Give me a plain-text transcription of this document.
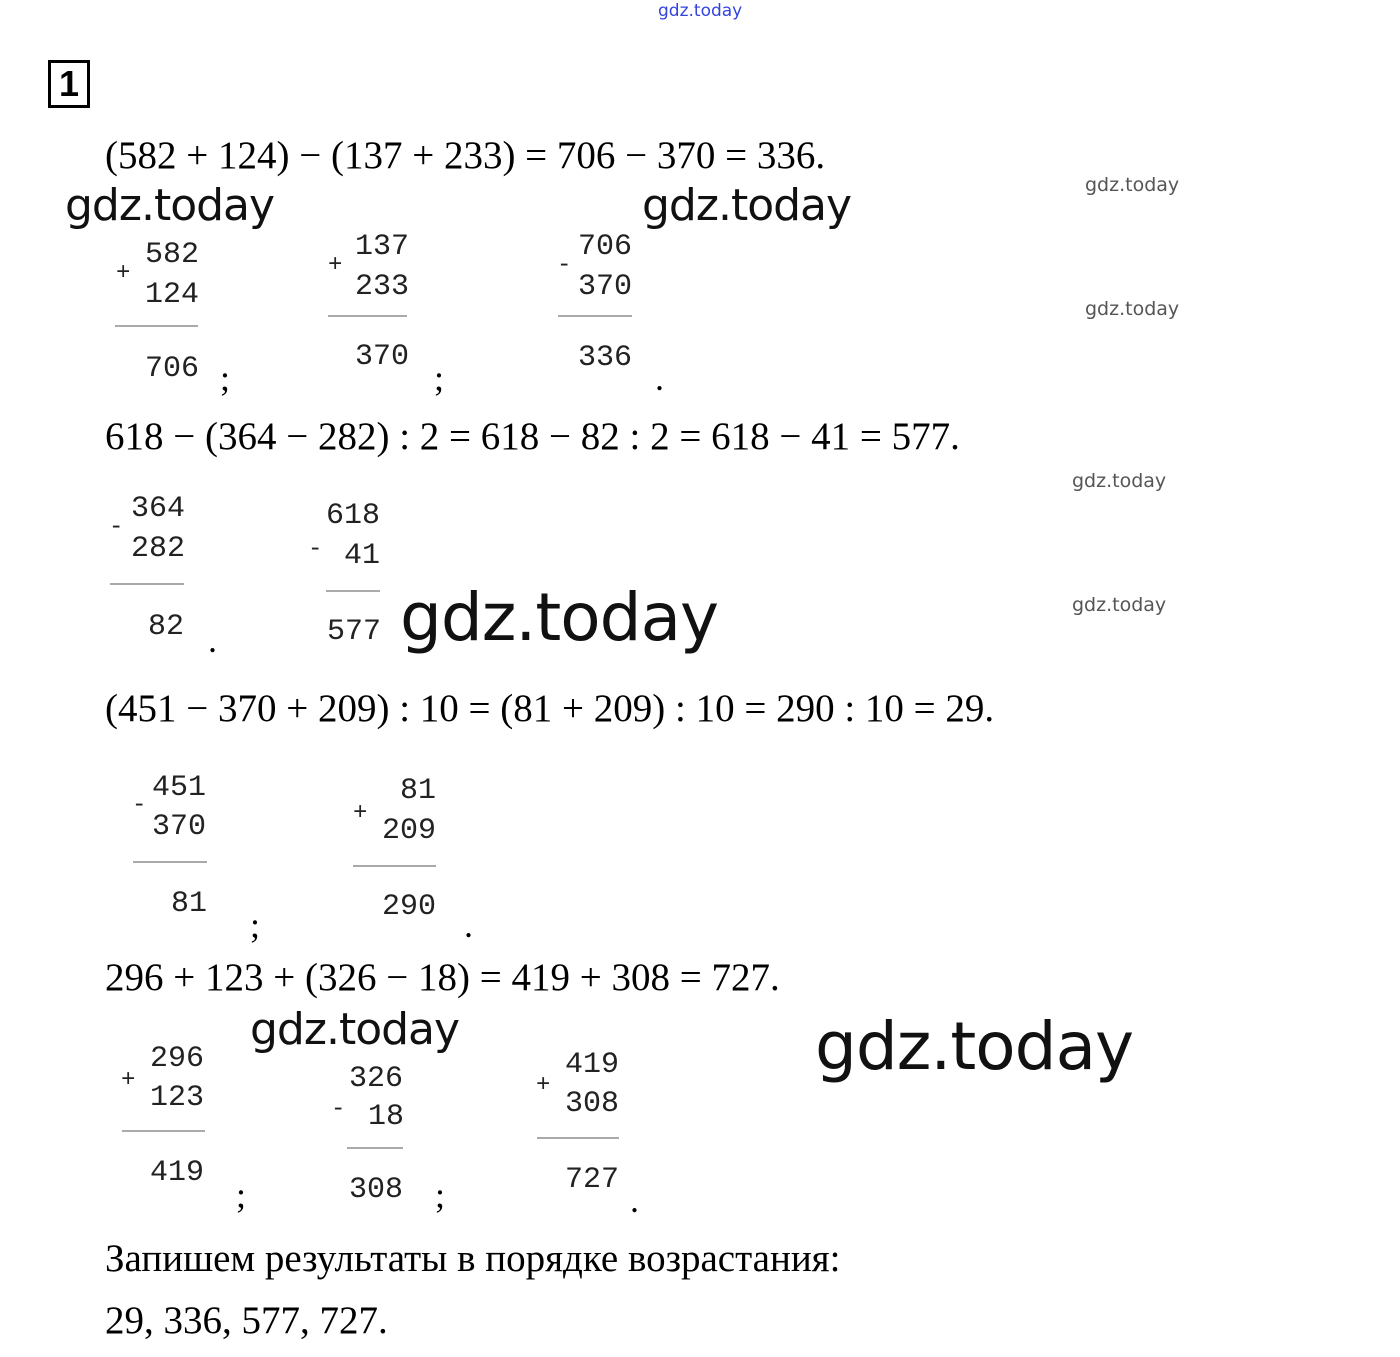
gdz.today
1
(582 + 124) − (137 + 233) = 706 − 370 = 336.
+
582
124
706 ;
+
137
233
370
;
-
706
370
336 .
618 − (364 − 282) : 2 = 618 − 82 : 2 = 618 − 41 = 577.
-
364
282
82 .
618
- 41
577
(451 − 370 + 209) : 10 = (81 + 209) : 10 = 290 : 10 = 29.
-
451
370
81
;
+
81
209
290 .
296 + 123 + (326 − 18) = 419 + 308 = 727.
+
296
123
419
;
326
- 18
308 ;
+
419
308
727 .
Запишем результаты в порядке возрастания:
29, 336, 577, 727.
gdz.today	gdz.today	gdz.today
gdz.today
gdz.today
gdz.today
gdz.today
gdz.today	gdz.today
